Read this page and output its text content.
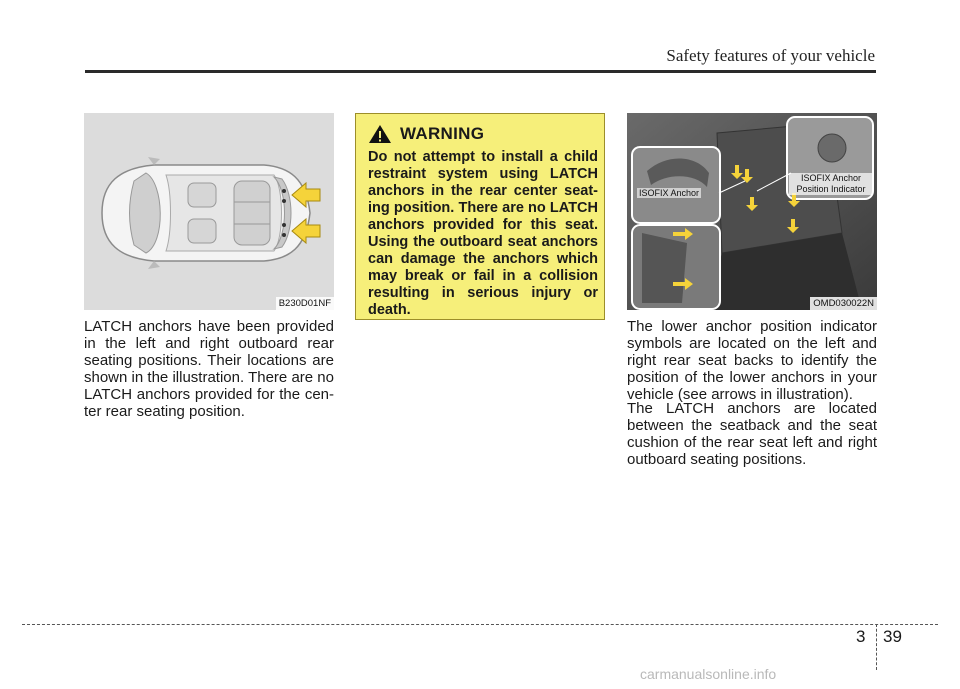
Safety features of your vehicle
B230D01NF

LATCH anchors have been provided in the left and right outboard rear seating positions. Their locations are shown in the illustration. There are no LATCH anchors provided for the cen-ter rear seating position.

WARNING

Do not attempt to install a child restraint system using LATCH anchors in the rear center seat-ing position. There are no LATCH anchors provided for this seat. Using the outboard seat anchors can damage the anchors which may break or fail in a collision resulting in serious injury or death.

ISOFIX Anchor
ISOFIX Anchor
Position Indicator
OMD030022N

The lower anchor position indicator symbols are located on the left and right rear seat backs to identify the position of the lower anchors in your vehicle (see arrows in illustration).

The LATCH anchors are located between the seatback and the seat cushion of the rear seat left and right outboard seating positions.

3 39
carmanualsonline.info
